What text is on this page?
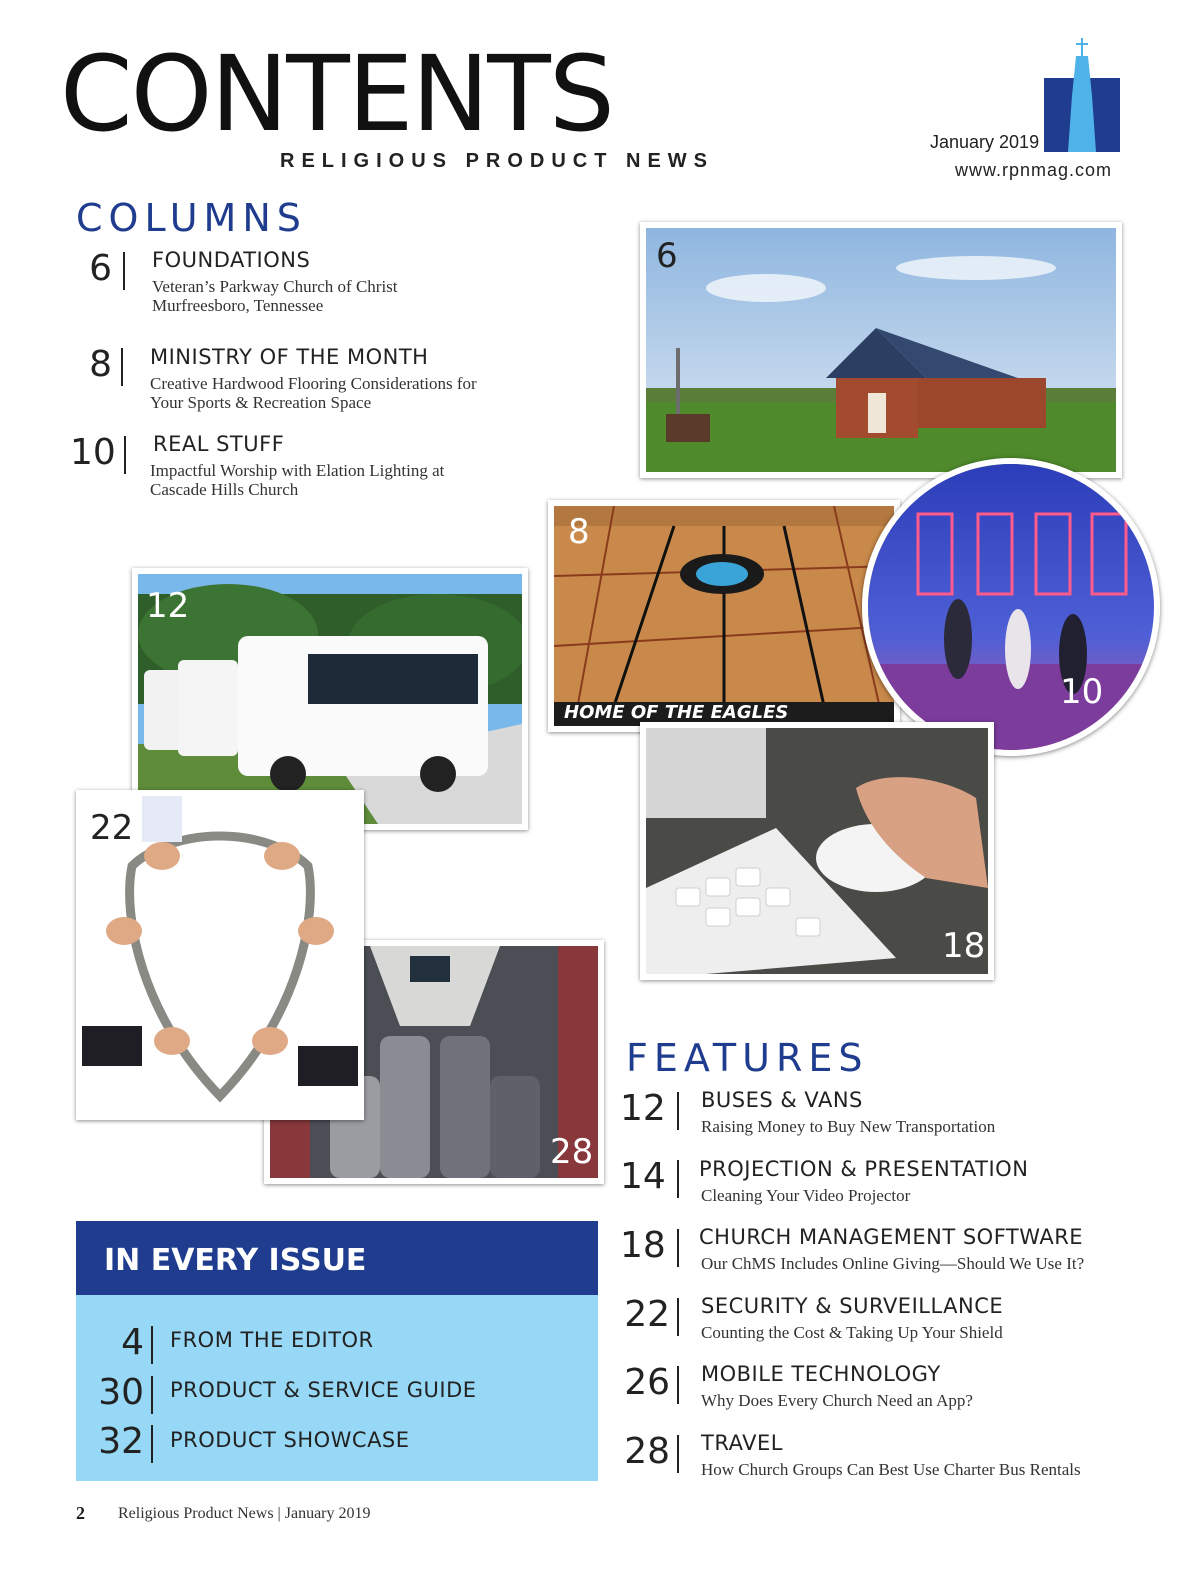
CONTENTS
RELIGIOUS PRODUCT NEWS
January 2019
www.rpnmag.com
COLUMNS
6 FOUNDATIONS
Veteran’s Parkway Church of Christ
Murfreesboro, Tennessee
8 MINISTRY OF THE MONTH
Creative Hardwood Flooring Considerations for
Your Sports & Recreation Space
10 REAL STUFF
Impactful Worship with Elation Lighting at
Cascade Hills Church
6
8
HOME OF THE EAGLES
10
12
18
28
22
FEATURES
12 BUSES & VANS
Raising Money to Buy New Transportation
14 PROJECTION & PRESENTATION
Cleaning Your Video Projector
18 CHURCH MANAGEMENT SOFTWARE
Our ChMS Includes Online Giving—Should We Use It?
22 SECURITY & SURVEILLANCE
Counting the Cost & Taking Up Your Shield
26 MOBILE TECHNOLOGY
Why Does Every Church Need an App?
28 TRAVEL
How Church Groups Can Best Use Charter Bus Rentals
IN EVERY ISSUE
4 FROM THE EDITOR
30 PRODUCT & SERVICE GUIDE
32 PRODUCT SHOWCASE
2 Religious Product News | January 2019
